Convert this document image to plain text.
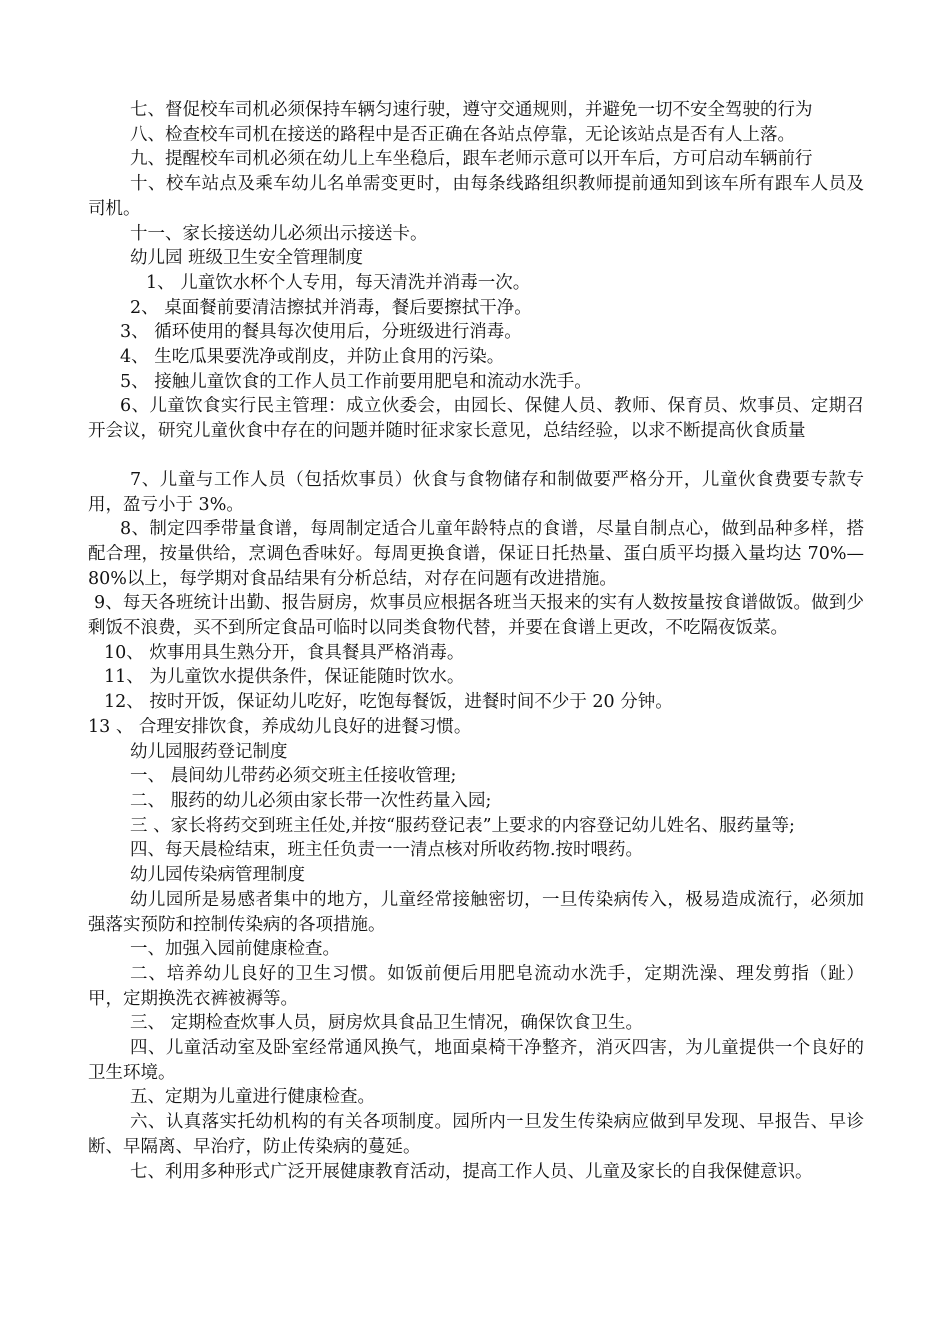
七、督促校车司机必须保持车辆匀速行驶，遵守交通规则，并避免一切不安全驾驶的行为

八、检查校车司机在接送的路程中是否正确在各站点停靠，无论该站点是否有人上落。

九、提醒校车司机必须在幼儿上车坐稳后，跟车老师示意可以开车后，方可启动车辆前行

十、校车站点及乘车幼儿名单需变更时，由每条线路组织教师提前通知到该车所有跟车人员及司机。

十一、家长接送幼儿必须出示接送卡。

幼儿园 班级卫生安全管理制度

1、 儿童饮水杯个人专用，每天清洗并消毒一次。

2、 桌面餐前要清洁擦拭并消毒，餐后要擦拭干净。

3、 循环使用的餐具每次使用后，分班级进行消毒。

4、 生吃瓜果要洗净或削皮，并防止食用的污染。

5、 接触儿童饮食的工作人员工作前要用肥皂和流动水洗手。

6、儿童饮食实行民主管理：成立伙委会，由园长、保健人员、教师、保育员、炊事员、定期召开会议，研究儿童伙食中存在的问题并随时征求家长意见，总结经验，以求不断提高伙食质量

7、儿童与工作人员（包括炊事员）伙食与食物储存和制做要严格分开，儿童伙食费要专款专用，盈亏小于 3%。

8、制定四季带量食谱，每周制定适合儿童年龄特点的食谱，尽量自制点心，做到品种多样，搭配合理，按量供给，烹调色香味好。每周更换食谱，保证日托热量、蛋白质平均摄入量均达 70%—80%以上，每学期对食品结果有分析总结，对存在问题有改进措施。

9、每天各班统计出勤、报告厨房，炊事员应根据各班当天报来的实有人数按量按食谱做饭。做到少剩饭不浪费，买不到所定食品可临时以同类食物代替，并要在食谱上更改，不吃隔夜饭菜。

10、 炊事用具生熟分开，食具餐具严格消毒。

11、 为儿童饮水提供条件，保证能随时饮水。

12、 按时开饭，保证幼儿吃好，吃饱每餐饭，进餐时间不少于 20 分钟。

13 、 合理安排饮食，养成幼儿良好的进餐习惯。

幼儿园服药登记制度

一、 晨间幼儿带药必须交班主任接收管理;

二、 服药的幼儿必须由家长带一次性药量入园;

三 、家长将药交到班主任处,并按“服药登记表”上要求的内容登记幼儿姓名、服药量等;

四、每天晨检结束，班主任负责一一清点核对所收药物.按时喂药。

幼儿园传染病管理制度

幼儿园所是易感者集中的地方，儿童经常接触密切，一旦传染病传入，极易造成流行，必须加强落实预防和控制传染病的各项措施。

一、加强入园前健康检查。

二、培养幼儿良好的卫生习惯。如饭前便后用肥皂流动水洗手，定期洗澡、理发剪指（趾）甲，定期换洗衣裤被褥等。

三、 定期检查炊事人员，厨房炊具食品卫生情况，确保饮食卫生。

四、儿童活动室及卧室经常通风换气，地面桌椅干净整齐，消灭四害，为儿童提供一个良好的卫生环境。

五、定期为儿童进行健康检查。

六、认真落实托幼机构的有关各项制度。园所内一旦发生传染病应做到早发现、早报告、早诊断、早隔离、早治疗，防止传染病的蔓延。

七、利用多种形式广泛开展健康教育活动，提高工作人员、儿童及家长的自我保健意识。
